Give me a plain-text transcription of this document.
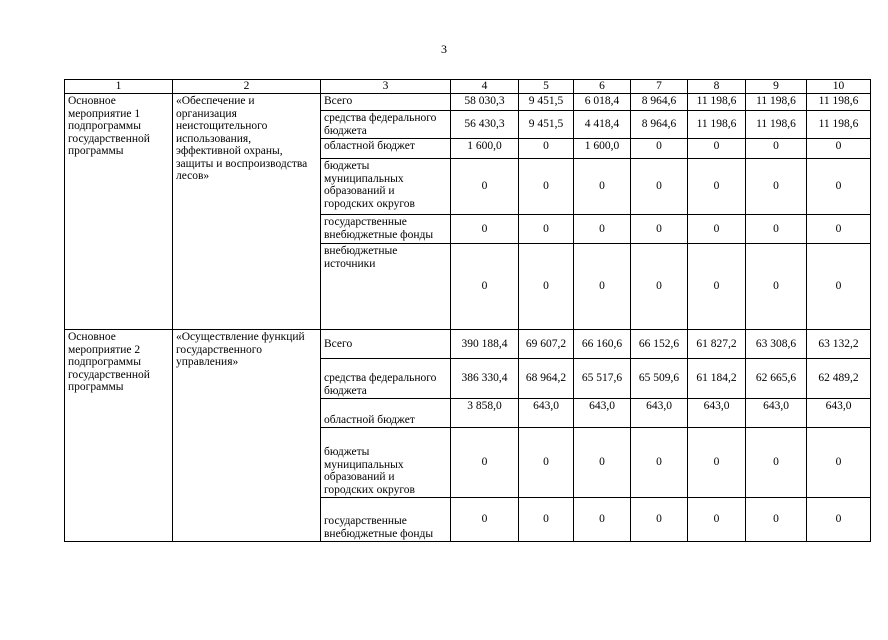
3
1	2	3	4	5	6	7	8	9	10
Основное мероприятие 1 подпрограммы государственной программы	«Обеспечение и организация неистощительного использования, эффективной охраны, защиты и воспроизводства лесов»	Всего	58 030,3	9 451,5	6 018,4	8 964,6	11 198,6	11 198,6	11 198,6
		средства федерального бюджета	56 430,3	9 451,5	4 418,4	8 964,6	11 198,6	11 198,6	11 198,6
		областной бюджет	1 600,0	0	1 600,0	0	0	0	0
		бюджеты муниципальных образований и городских округов	0	0	0	0	0	0	0
		государственные внебюджетные фонды	0	0	0	0	0	0	0
		внебюджетные источники	0	0	0	0	0	0	0
Основное мероприятие 2 подпрограммы государственной программы	«Осуществление функций государственного управления»	Всего	390 188,4	69 607,2	66 160,6	66 152,6	61 827,2	63 308,6	63 132,2
		средства федерального бюджета	386 330,4	68 964,2	65 517,6	65 509,6	61 184,2	62 665,6	62 489,2
		областной бюджет	3 858,0	643,0	643,0	643,0	643,0	643,0	643,0
		бюджеты муниципальных образований и городских округов	0	0	0	0	0	0	0
		государственные внебюджетные фонды	0	0	0	0	0	0	0
